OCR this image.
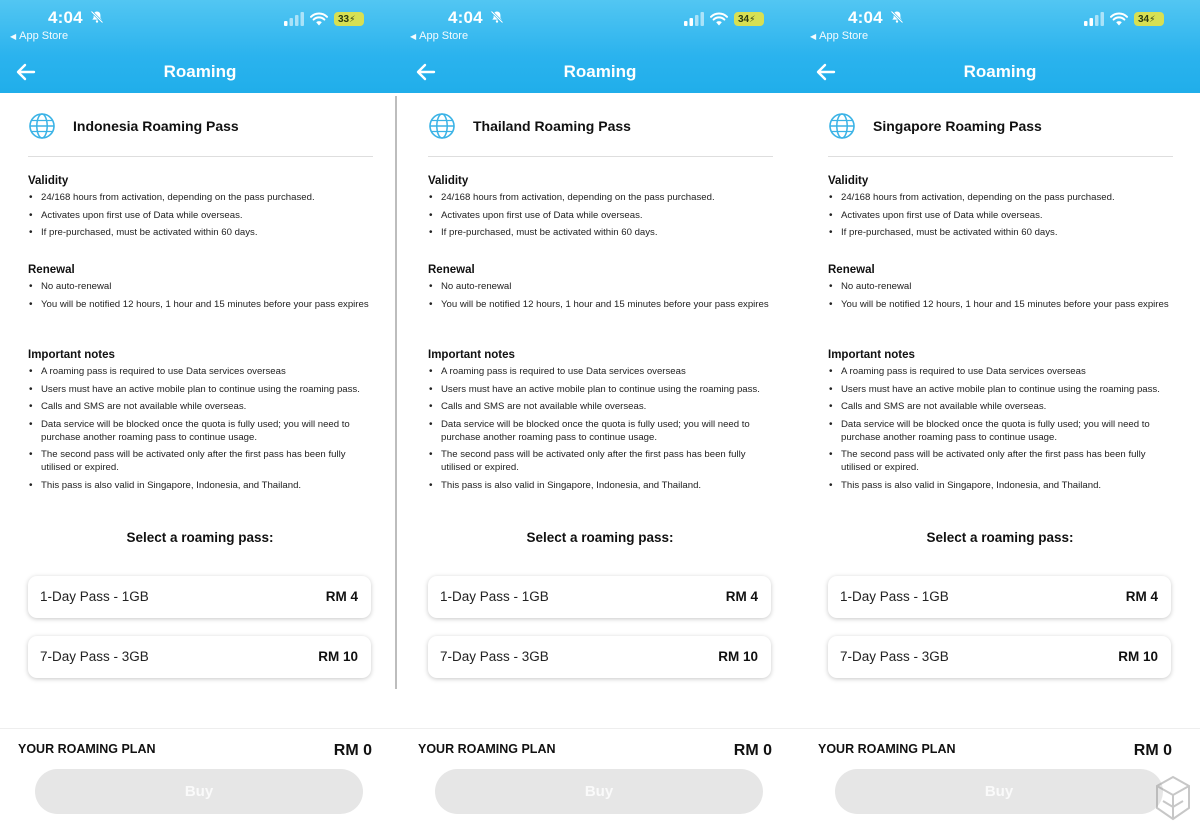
4:04
◀ App Store
33⚡
Roaming
Indonesia Roaming Pass
Validity
• 24/168 hours from activation, depending on the pass purchased.
• Activates upon first use of Data while overseas.
• If pre-purchased, must be activated within 60 days.
Renewal
• No auto-renewal
• You will be notified 12 hours, 1 hour and 15 minutes before your pass expires
Important notes
• A roaming pass is required to use Data services overseas
• Users must have an active mobile plan to continue using the roaming pass.
• Calls and SMS are not available while overseas.
• Data service will be blocked once the quota is fully used; you will need to purchase another roaming pass to continue usage.
• The second pass will be activated only after the first pass has been fully utilised or expired.
• This pass is also valid in Singapore, Indonesia, and Thailand.
Select a roaming pass:
1-Day Pass - 1GB	RM 4
7-Day Pass - 3GB	RM 10
YOUR ROAMING PLAN	RM 0
Buy
4:04
◀ App Store
34⚡
Roaming
Thailand Roaming Pass
Validity
• 24/168 hours from activation, depending on the pass purchased.
• Activates upon first use of Data while overseas.
• If pre-purchased, must be activated within 60 days.
Renewal
• No auto-renewal
• You will be notified 12 hours, 1 hour and 15 minutes before your pass expires
Important notes
• A roaming pass is required to use Data services overseas
• Users must have an active mobile plan to continue using the roaming pass.
• Calls and SMS are not available while overseas.
• Data service will be blocked once the quota is fully used; you will need to purchase another roaming pass to continue usage.
• The second pass will be activated only after the first pass has been fully utilised or expired.
• This pass is also valid in Singapore, Indonesia, and Thailand.
Select a roaming pass:
1-Day Pass - 1GB	RM 4
7-Day Pass - 3GB	RM 10
YOUR ROAMING PLAN	RM 0
Buy
4:04
◀ App Store
34⚡
Roaming
Singapore Roaming Pass
Validity
• 24/168 hours from activation, depending on the pass purchased.
• Activates upon first use of Data while overseas.
• If pre-purchased, must be activated within 60 days.
Renewal
• No auto-renewal
• You will be notified 12 hours, 1 hour and 15 minutes before your pass expires
Important notes
• A roaming pass is required to use Data services overseas
• Users must have an active mobile plan to continue using the roaming pass.
• Calls and SMS are not available while overseas.
• Data service will be blocked once the quota is fully used; you will need to purchase another roaming pass to continue usage.
• The second pass will be activated only after the first pass has been fully utilised or expired.
• This pass is also valid in Singapore, Indonesia, and Thailand.
Select a roaming pass:
1-Day Pass - 1GB	RM 4
7-Day Pass - 3GB	RM 10
YOUR ROAMING PLAN	RM 0
Buy
